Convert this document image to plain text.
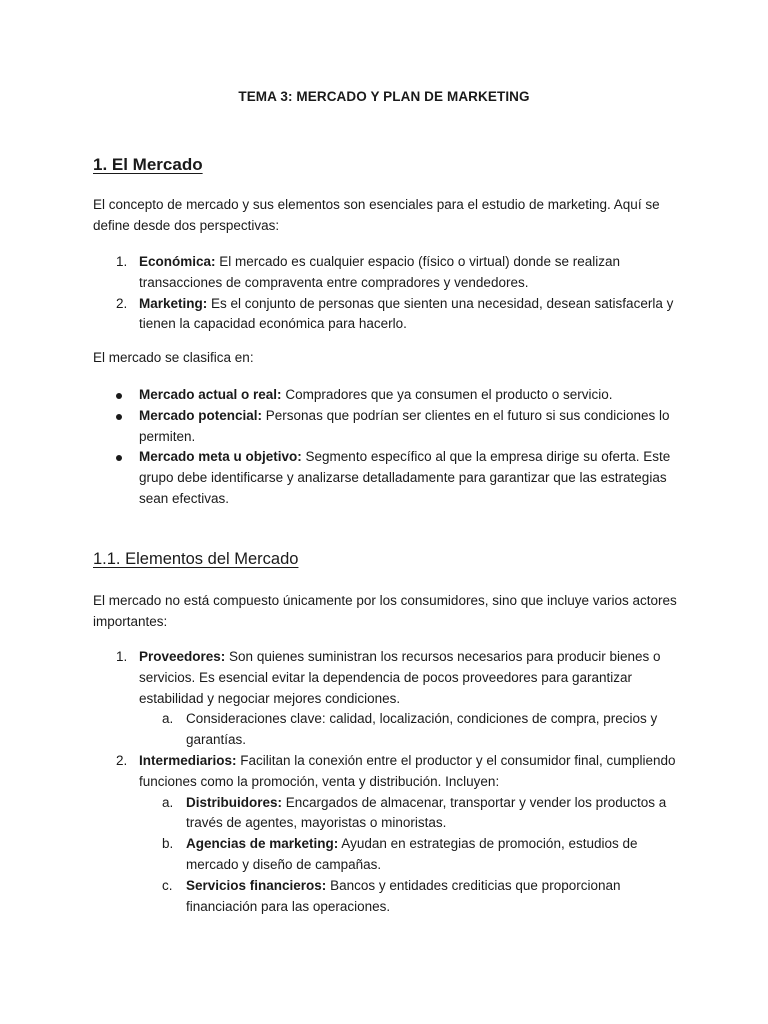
TEMA 3: MERCADO Y PLAN DE MARKETING
1. El Mercado
El concepto de mercado y sus elementos son esenciales para el estudio de marketing. Aquí se define desde dos perspectivas:
1. Económica: El mercado es cualquier espacio (físico o virtual) donde se realizan transacciones de compraventa entre compradores y vendedores.
2. Marketing: Es el conjunto de personas que sienten una necesidad, desean satisfacerla y tienen la capacidad económica para hacerlo.
El mercado se clasifica en:
Mercado actual o real: Compradores que ya consumen el producto o servicio.
Mercado potencial: Personas que podrían ser clientes en el futuro si sus condiciones lo permiten.
Mercado meta u objetivo: Segmento específico al que la empresa dirige su oferta. Este grupo debe identificarse y analizarse detalladamente para garantizar que las estrategias sean efectivas.
1.1. Elementos del Mercado
El mercado no está compuesto únicamente por los consumidores, sino que incluye varios actores importantes:
1. Proveedores: Son quienes suministran los recursos necesarios para producir bienes o servicios. Es esencial evitar la dependencia de pocos proveedores para garantizar estabilidad y negociar mejores condiciones.
a. Consideraciones clave: calidad, localización, condiciones de compra, precios y garantías.
2. Intermediarios: Facilitan la conexión entre el productor y el consumidor final, cumpliendo funciones como la promoción, venta y distribución. Incluyen:
a. Distribuidores: Encargados de almacenar, transportar y vender los productos a través de agentes, mayoristas o minoristas.
b. Agencias de marketing: Ayudan en estrategias de promoción, estudios de mercado y diseño de campañas.
c. Servicios financieros: Bancos y entidades crediticias que proporcionan financiación para las operaciones.
